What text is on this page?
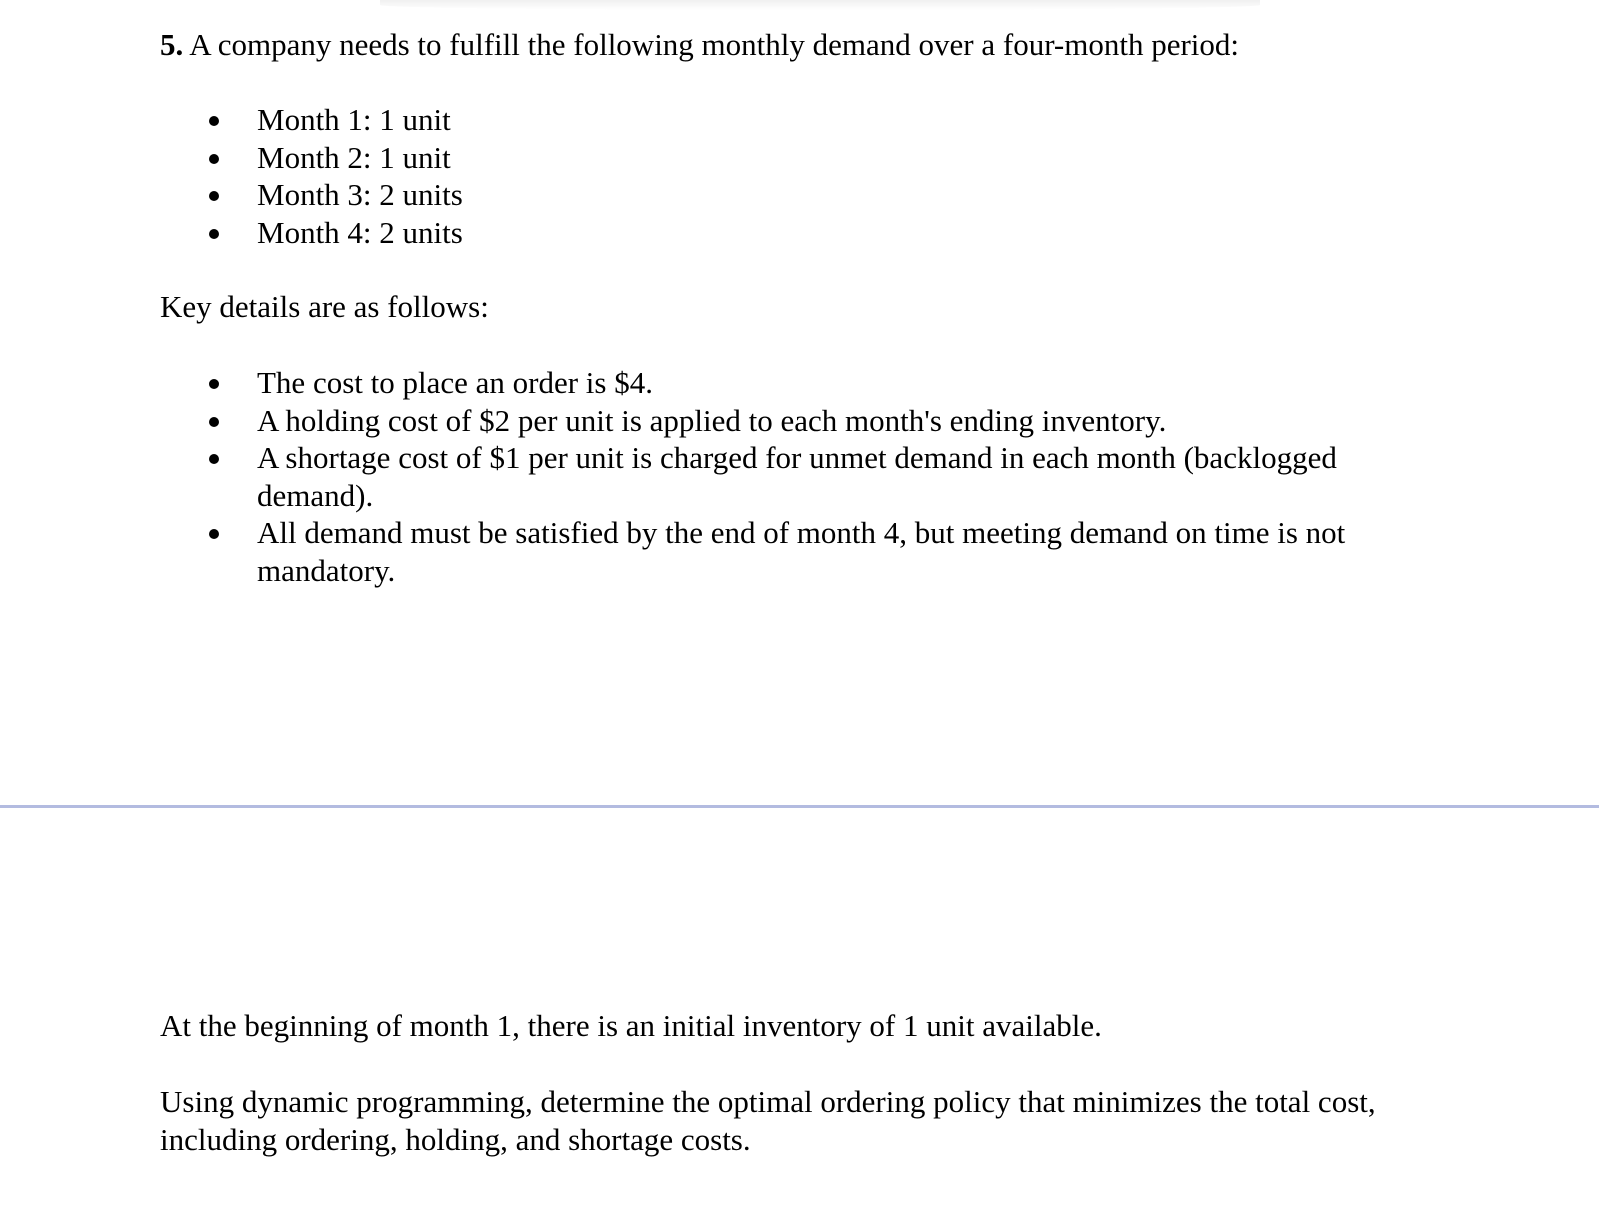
5. A company needs to fulfill the following monthly demand over a four-month period:

Month 1: 1 unit
Month 2: 1 unit
Month 3: 2 units
Month 4: 2 units

Key details are as follows:

The cost to place an order is $4.
A holding cost of $2 per unit is applied to each month's ending inventory.
A shortage cost of $1 per unit is charged for unmet demand in each month (backlogged demand).
All demand must be satisfied by the end of month 4, but meeting demand on time is not mandatory.

At the beginning of month 1, there is an initial inventory of 1 unit available.

Using dynamic programming, determine the optimal ordering policy that minimizes the total cost, including ordering, holding, and shortage costs.
